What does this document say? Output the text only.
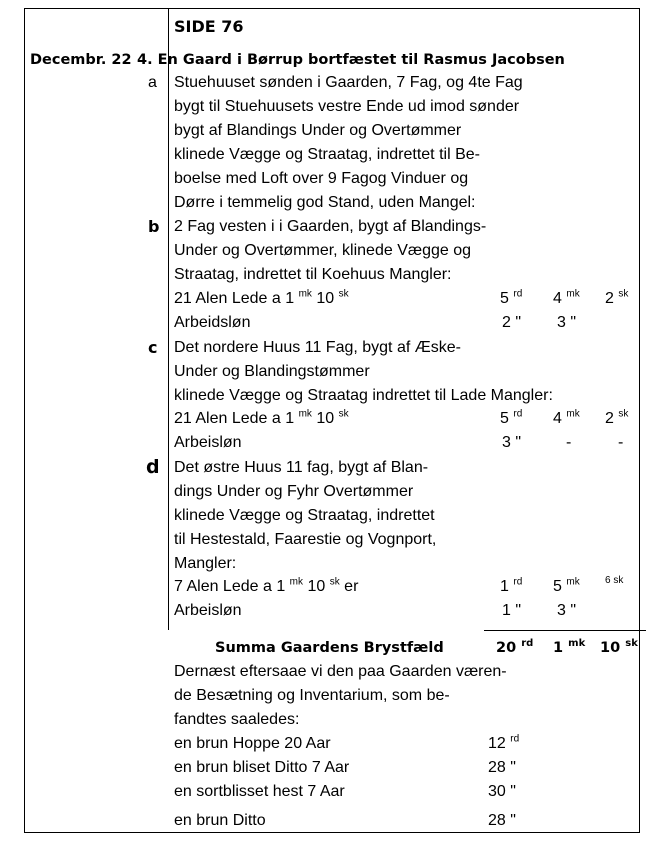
SIDE 76
Decembr. 22 4. En Gaard i Børrup bortfæstet til Rasmus Jacobsen
a Stuehuuset sønden i Gaarden, 7 Fag, og 4te Fag
bygt til Stuehuusets vestre Ende ud imod sønder
bygt af Blandings Under og Overtømmer
klinede Vægge og Straatag, indrettet til Be-
boelse med Loft over 9 Fagog Vinduer og
Dørre i temmelig god Stand, uden Mangel:
b 2 Fag vesten i i Gaarden, bygt af Blandings-
Under og Overtømmer, klinede Vægge og
Straatag, indrettet til Koehuus Mangler:
21 Alen Lede a 1 $^{mk}$ 10 $^{sk}$	5 $^{rd}$ 4 $^{mk}$ 2 $^{sk}$
Arbeidsløn	2 " 3 "
c Det nordere Huus 11 Fag, bygt af Æske-
Under og Blandingstømmer
klinede Vægge og Straatag indrettet til Lade Mangler:
21 Alen Lede a 1 $^{mk}$ 10 $^{sk}$	5 $^{rd}$ 4 $^{mk}$ 2 $^{sk}$
Arbeisløn	3 "	-	-
d Det østre Huus 11 fag, bygt af Blan-
dings Under og Fyhr Overtømmer
klinede Vægge og Straatag, indrettet
til Hestestald, Faarestie og Vognport,
Mangler:
7 Alen Lede a 1 $^{mk}$ 10 $^{sk}$ er	1 $^{rd}$ 5 $^{mk}$	6 sk
Arbeisløn	1 " 3 "
Summa Gaardens Brystfæld	20 $^{rd}$ 1 $^{mk}$ 10 $^{sk}$
Dernæst eftersaae vi den paa Gaarden væren-
de Besætning og Inventarium, som be-
fandtes saaledes:
en brun Hoppe 20 Aar	12 $^{rd}$
en brun bliset Ditto 7 Aar	28 "
en sortblisset hest 7 Aar	30 "
en brun Ditto	28 "
